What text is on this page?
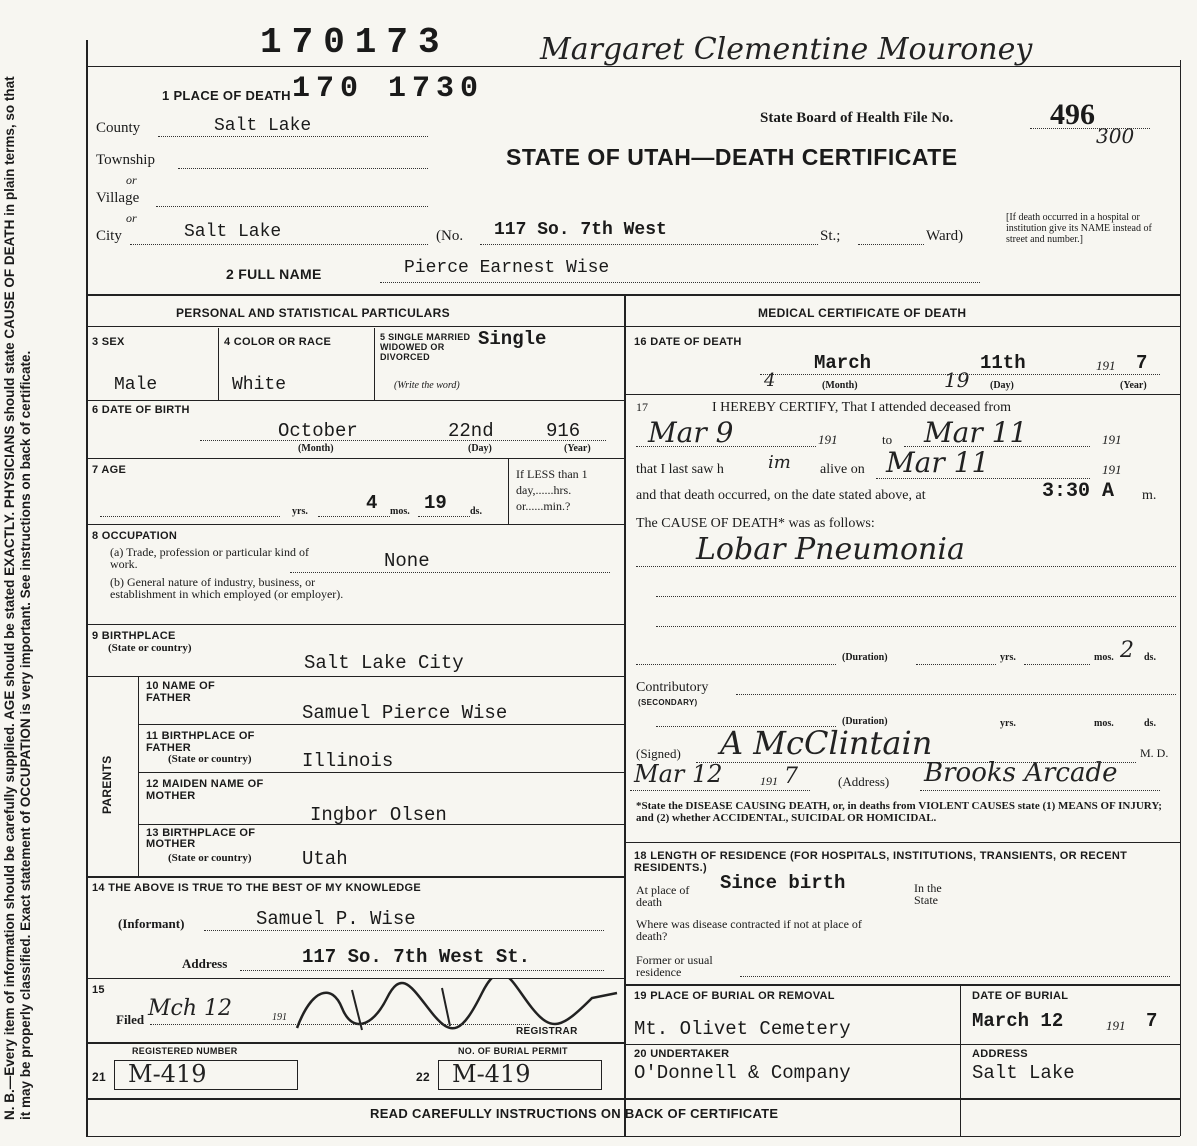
N. B.—Every item of information should be carefully supplied. AGE should be stated EXACTLY. PHYSICIANS should state CAUSE OF DEATH in plain terms, so that it may be properly classified. Exact statement of OCCUPATION is very important. See instructions on back of certificate.
170173	Margaret Clementine Mouroney
1 PLACE OF DEATH 170 1730
State Board of Health File No.	496
300
STATE OF UTAH—DEATH CERTIFICATE
County	Salt Lake
Township
or
Village
or
City	Salt Lake	(No. 117 So. 7th West	St.;	Ward)
[If death occurred in a hospital or institution give its NAME instead of street and number.]
2 FULL NAME	Pierce Earnest Wise
PERSONAL AND STATISTICAL PARTICULARS
3 SEX
Male
4 COLOR OR RACE
White
5 SINGLE MARRIED WIDOWED OR DIVORCED
(Write the word)
Single
6 DATE OF BIRTH
October	22nd	916
(Month)	(Day)	(Year)
7 AGE
yrs.	4 mos. 19 ds.
If LESS than 1 day,......hrs. or......min.?
8 OCCUPATION
(a) Trade, profession or particular kind of work.
(b) General nature of industry, business, or establishment in which employed (or employer).
None
9 BIRTHPLACE
(State or country)
Salt Lake City
PARENTS
10 NAME OF FATHER
Samuel Pierce Wise
11 BIRTHPLACE OF FATHER
(State or country)	Illinois
12 MAIDEN NAME OF MOTHER
Ingbor Olsen
13 BIRTHPLACE OF MOTHER
(State or country)	Utah
14 THE ABOVE IS TRUE TO THE BEST OF MY KNOWLEDGE
(Informant)	Samuel P. Wise
Address	117 So. 7th West St.
15
Filed Mch 12	191
REGISTRAR
REGISTERED NUMBER
21 M-419
NO. OF BURIAL PERMIT
22 M-419
MEDICAL CERTIFICATE OF DEATH
16 DATE OF DEATH
March	11th	191 7
4	19
(Month)	(Day)	(Year)
17	I HEREBY CERTIFY, That I attended deceased from
Mar 9	191	to Mar 11	191
that I last saw h im alive on Mar 11	191
and that death occurred, on the date stated above, at	3:30 A m.
The CAUSE OF DEATH* was as follows:
Lobar Pneumonia
(Duration)	yrs.	mos. 2 ds.
Contributory
(SECONDARY)
(Duration)	yrs.	mos.	ds.
(Signed) A McClintain	M. D.
Mar 12	191 7	(Address) Brooks Arcade
*State the DISEASE CAUSING DEATH, or, in deaths from VIOLENT CAUSES state (1) MEANS OF INJURY; and (2) whether ACCIDENTAL, SUICIDAL OR HOMICIDAL.
18 LENGTH OF RESIDENCE (FOR HOSPITALS, INSTITUTIONS, TRANSIENTS, OR RECENT RESIDENTS.)
At place of death
Since birth	In the State
Where was disease contracted if not at place of death?
Former or usual residence
19 PLACE OF BURIAL OR REMOVAL
Mt. Olivet Cemetery
DATE OF BURIAL
March 12	191 7
20 UNDERTAKER
O'Donnell & Company
ADDRESS
Salt Lake
READ CAREFULLY INSTRUCTIONS ON BACK OF CERTIFICATE
